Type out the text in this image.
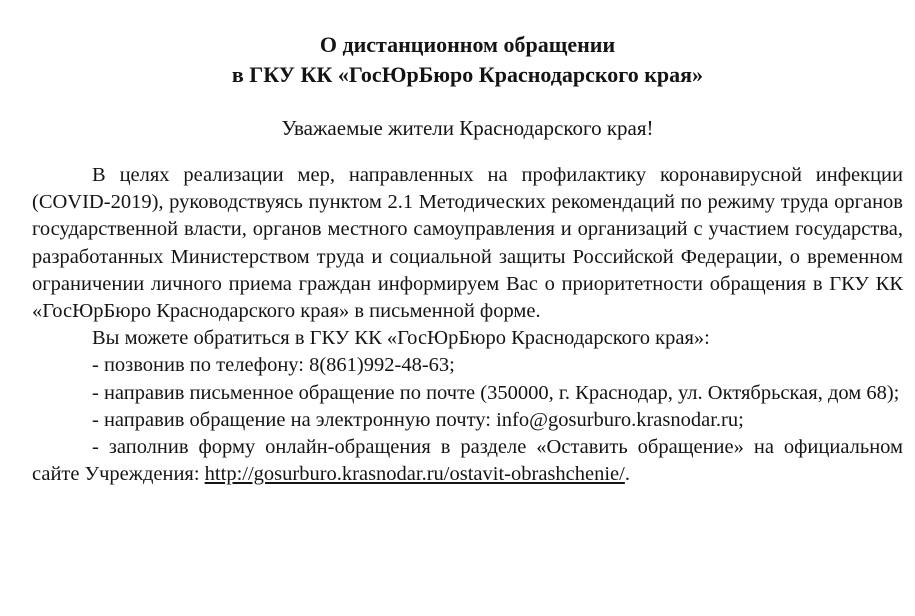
О дистанционном обращении
в ГКУ КК «ГосЮрБюро Краснодарского края»
Уважаемые жители Краснодарского края!

В целях реализации мер, направленных на профилактику коронавирусной инфекции (COVID-2019), руководствуясь пунктом 2.1 Методических рекомендаций по режиму труда органов государственной власти, органов местного самоуправления и организаций с участием государства, разработанных Министерством труда и социальной защиты Российской Федерации, о временном ограничении личного приема граждан информируем Вас о приоритетности обращения в ГКУ КК «ГосЮрБюро Краснодарского края» в письменной форме.

Вы можете обратиться в ГКУ КК «ГосЮрБюро Краснодарского края»:

- позвонив по телефону: 8(861)992-48-63;

- направив письменное обращение по почте (350000, г. Краснодар, ул. Октябрьская, дом 68);

- направив обращение на электронную почту: info@gosurburo.krasnodar.ru;

- заполнив форму онлайн-обращения в разделе «Оставить обращение» на официальном сайте Учреждения: http://gosurburo.krasnodar.ru/ostavit-obrashchenie/.
